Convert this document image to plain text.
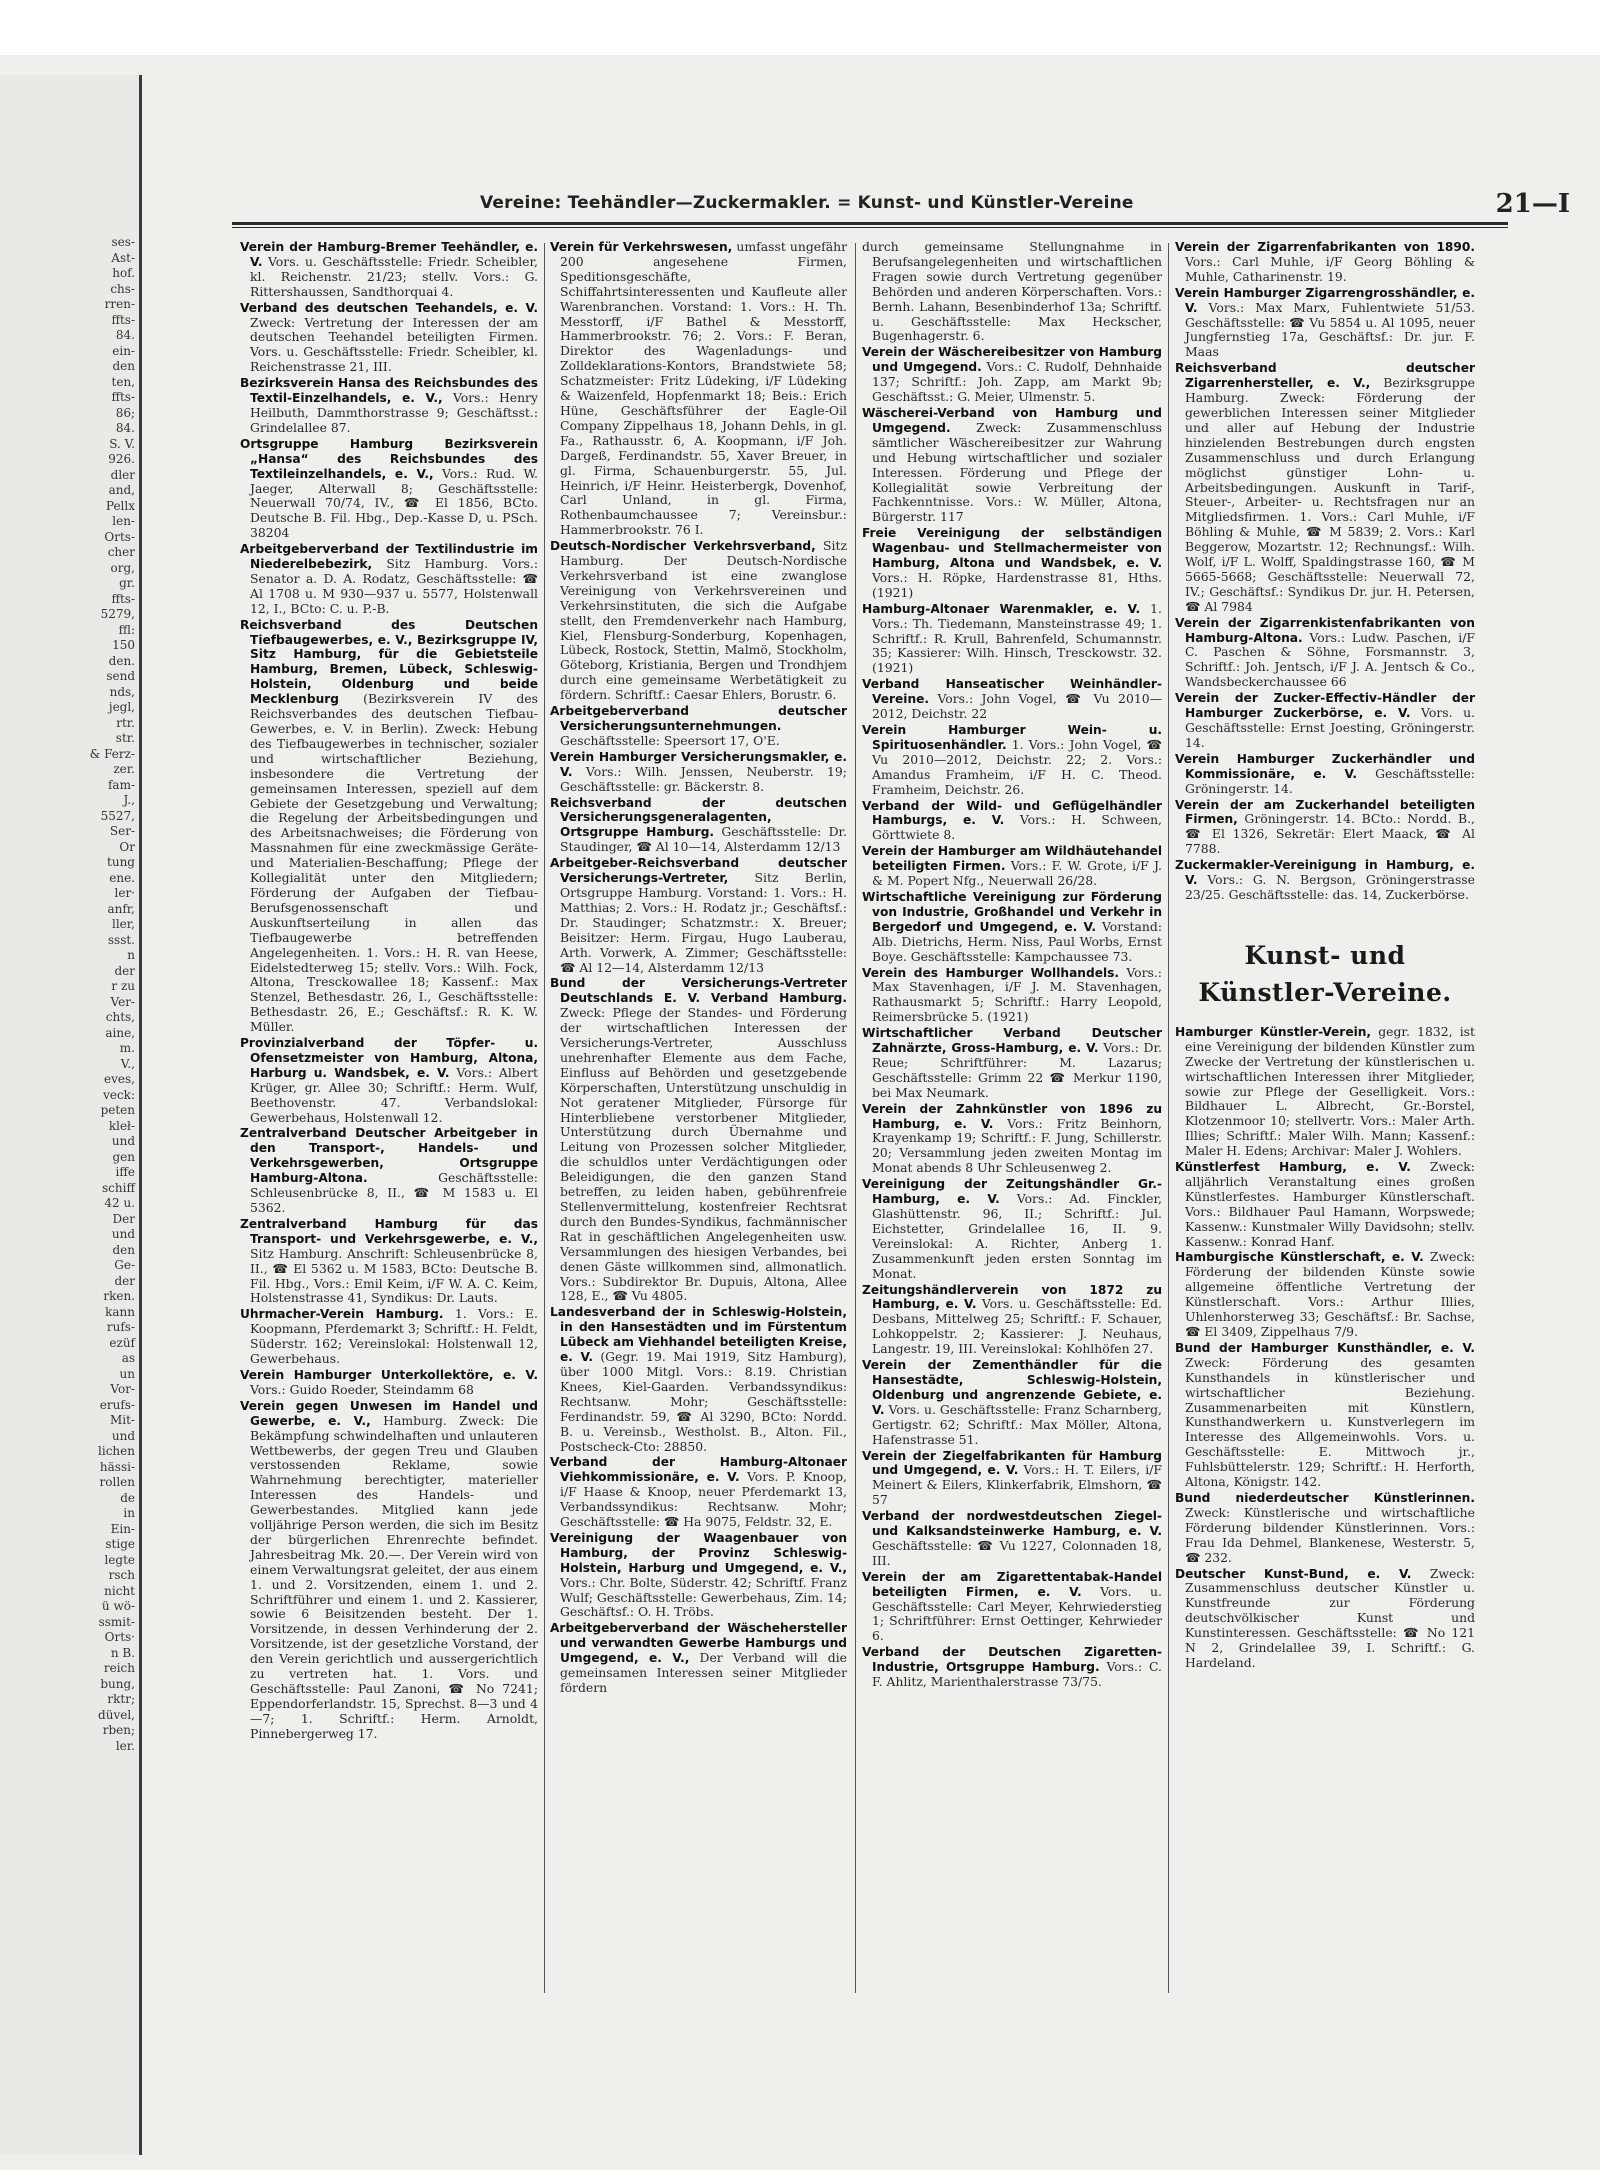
ses-

Ast-

hof.

chs-

rren-

ffts-

84.

ein-

den

ten,

ffts-

86;

84.

S. V.

926.

dler

and,

Pellx

len-

Orts-

cher

org,

gr.

ffts-

5279,

ffl:

150

den.

send

nds,

jegl,

rtr.

str.

& Ferz-

zer.

fam-

J.,

5527,

Ser-

Or

tung

ene.

ler·

anfr,

ller,

ssst.

n

der

r zu

Ver-

chts,

aine,

m.

V.,

eves,

veck:

peten

kleł-

und

gen

iffe

schiff

42 u.

Der

und

den

Ge-

der

rken.

kann

rufs-

ezüf

as

un

Vor-

erufs-

Mit-

und

lichen

hässi-

rollen

de

in

Ein-

stige

legte

rsch

nicht

ü wö-

ssmit-

Orts·

n B.

reich

bung,

rktr;

düvel,

rben;

ler.

Vereine: Teehändler—Zuckermakler. = Kunst- und Künstler-Vereine	21—I

Verein der Hamburg-Bremer Teehändler, e. V. Vors. u. Geschäftsstelle: Friedr. Scheibler, kl. Reichenstr. 21/23; stellv. Vors.: G. Rittershaussen, Sandthorquai 4.

Verband des deutschen Teehandels, e. V. Zweck: Vertretung der Interessen der am deutschen Teehandel beteiligten Firmen. Vors. u. Geschäftsstelle: Friedr. Scheibler, kl. Reichenstrasse 21, III.

Bezirksverein Hansa des Reichsbundes des Textil-Einzelhandels, e. V., Vors.: Henry Heilbuth, Dammthorstrasse 9; Geschäftsst.: Grindelallee 87.

Ortsgruppe Hamburg Bezirksverein „Hansa“ des Reichsbundes des Textileinzelhandels, e. V., Vors.: Rud. W. Jaeger, Alterwall 8; Geschäftsstelle: Neuerwall 70/74, IV., ☎ El 1856, BCto. Deutsche B. Fil. Hbg., Dep.-Kasse D, u. PSch. 38204

Arbeitgeberverband der Textilindustrie im Niederelbebezirk, Sitz Hamburg. Vors.: Senator a. D. A. Rodatz, Geschäftsstelle: ☎ Al 1708 u. M 930—937 u. 5577, Holstenwall 12, I., BCto: C. u. P.-B.

Reichsverband des Deutschen Tiefbaugewerbes, e. V., Bezirksgruppe IV, Sitz Hamburg, für die Gebietsteile Hamburg, Bremen, Lübeck, Schleswig-Holstein, Oldenburg und beide Mecklenburg (Bezirksverein IV des Reichsverbandes des deutschen Tiefbau-Gewerbes, e. V. in Berlin). Zweck: Hebung des Tiefbaugewerbes in technischer, sozialer und wirtschaftlicher Beziehung, insbesondere die Vertretung der gemeinsamen Interessen, speziell auf dem Gebiete der Gesetzgebung und Verwaltung; die Regelung der Arbeitsbedingungen und des Arbeitsnachweises; die Förderung von Massnahmen für eine zweckmässige Geräte- und Materialien-Beschaffung; Pflege der Kollegialität unter den Mitgliedern; Förderung der Aufgaben der Tiefbau-Berufsgenossenschaft und Auskunftserteilung in allen das Tiefbaugewerbe betreffenden Angelegenheiten. 1. Vors.: H. R. van Heese, Eidelstedterweg 15; stellv. Vors.: Wilh. Fock, Altona, Tresckowallee 18; Kassenf.: Max Stenzel, Bethesdastr. 26, I., Geschäftsstelle: Bethesdastr. 26, E.; Geschäftsf.: R. K. W. Müller.

Provinzialverband der Töpfer- u. Ofensetzmeister von Hamburg, Altona, Harburg u. Wandsbek, e. V. Vors.: Albert Krüger, gr. Allee 30; Schriftf.: Herm. Wulf, Beethovenstr. 47. Verbandslokal: Gewerbehaus, Holstenwall 12.

Zentralverband Deutscher Arbeitgeber in den Transport-, Handels- und Verkehrsgewerben, Ortsgruppe Hamburg-Altona.	Geschäftsstelle: Schleusenbrücke 8, II., ☎ M 1583 u. El 5362.

Zentralverband Hamburg für das Transport- und Verkehrsgewerbe, e. V., Sitz Hamburg. Anschrift: Schleusenbrücke 8, II., ☎ El 5362 u. M 1583, BCto: Deutsche B. Fil. Hbg., Vors.: Emil Keim, i/F W. A. C. Keim, Holstenstrasse 41, Syndikus: Dr. Lauts.

Uhrmacher-Verein Hamburg. 1. Vors.: E. Koopmann, Pferdemarkt 3; Schriftf.: H. Feldt, Süderstr. 162; Vereinslokal: Holstenwall 12, Gewerbehaus.

Verein Hamburger Unterkollektöre, e. V. Vors.: Guido Roeder, Steindamm 68

Verein gegen Unwesen im Handel und Gewerbe, e. V., Hamburg. Zweck: Die Bekämpfung schwindelhaften und unlauteren Wettbewerbs, der gegen Treu und Glauben verstossenden Reklame, sowie Wahrnehmung berechtigter, materieller Interessen des Handels- und Gewerbestandes. Mitglied kann jede volljährige Person werden, die sich im Besitz der bürgerlichen Ehrenrechte befindet. Jahresbeitrag Mk. 20.—. Der Verein wird von einem Verwaltungsrat geleitet, der aus einem 1. und 2. Vorsitzenden, einem 1. und 2. Schriftführer und einem 1. und 2. Kassierer, sowie 6 Beisitzenden besteht. Der 1. Vorsitzende, in dessen Verhinderung der 2. Vorsitzende, ist der gesetzliche Vorstand, der den Verein gerichtlich und aussergerichtlich zu vertreten hat. 1. Vors. und Geschäftsstelle: Paul Zanoni, ☎ No 7241; Eppendorferlandstr. 15, Sprechst. 8—3 und 4—7; 1. Schriftf.: Herm. Arnoldt, Pinnebergerweg 17.

Verein für Verkehrswesen, umfasst ungefähr 200 angesehene Firmen, Speditionsgeschäfte, Schiffahrtsinteressenten und Kaufleute aller Warenbranchen. Vorstand: 1. Vors.: H. Th. Messtorff, i/F Bathel & Messtorff, Hammerbrookstr. 76; 2. Vors.: F. Beran, Direktor des Wagenladungs- und Zolldeklarations-Kontors, Brandstwiete 58; Schatzmeister: Fritz Lüdeking, i/F Lüdeking & Waizenfeld, Hopfenmarkt 18; Beis.: Erich Hüne, Geschäftsführer der Eagle-Oil Company Zippelhaus 18, Johann Dehls, in gl. Fa., Rathausstr. 6, A. Koopmann, i/F Joh. Dargeß, Ferdinandstr. 55, Xaver Breuer, in gl. Firma, Schauenburgerstr. 55, Jul. Heinrich, i/F Heinr. Heisterbergk, Dovenhof, Carl Unland, in gl. Firma, Rothenbaumchaussee 7; Vereinsbur.: Hammerbrookstr. 76 I.

Deutsch-Nordischer Verkehrsverband, Sitz Hamburg. Der Deutsch-Nordische Verkehrsverband ist eine zwanglose Vereinigung von Verkehrsvereinen und Verkehrsinstituten, die sich die Aufgabe stellt, den Fremdenverkehr nach Hamburg, Kiel, Flensburg-Sonderburg, Kopenhagen, Lübeck, Rostock, Stettin, Malmö, Stockholm, Göteborg, Kristiania, Bergen und Trondhjem durch eine gemeinsame Werbetätigkeit zu fördern. Schriftf.: Caesar Ehlers, Borustr. 6.

Arbeitgeberverband deutscher Versicherungsunternehmungen. Geschäftsstelle: Speersort 17, O'E.

Verein Hamburger Versicherungsmakler, e. V. Vors.: Wilh. Jenssen, Neuberstr. 19; Geschäftsstelle: gr. Bäckerstr. 8.

Reichsverband der deutschen Versicherungsgeneralagenten, Ortsgruppe Hamburg. Geschäftsstelle: Dr. Staudinger, ☎ Al 10—14, Alsterdamm 12/13

Arbeitgeber-Reichsverband deutscher Versicherungs-Vertreter, Sitz Berlin, Ortsgruppe Hamburg. Vorstand: 1. Vors.: H. Matthias; 2. Vors.: H. Rodatz jr.; Geschäftsf.: Dr. Staudinger; Schatzmstr.: X. Breuer; Beisitzer: Herm. Firgau, Hugo Lauberau, Arth. Vorwerk, A. Zimmer; Geschäftsstelle: ☎ Al 12—14, Alsterdamm 12/13

Bund der Versicherungs-Vertreter Deutschlands E. V. Verband Hamburg. Zweck: Pflege der Standes- und Förderung der wirtschaftlichen Interessen der Versicherungs-Vertreter, Ausschluss unehrenhafter Elemente aus dem Fache, Einfluss auf Behörden und gesetzgebende Körperschaften, Unterstützung unschuldig in Not geratener Mitglieder, Fürsorge für Hinterbliebene verstorbener Mitglieder, Unterstützung durch Übernahme und Leitung von Prozessen solcher Mitglieder, die schuldlos unter Verdächtigungen oder Beleidigungen, die den ganzen Stand betreffen, zu leiden haben, gebührenfreie Stellenvermittelung, kostenfreier Rechtsrat durch den Bundes-Syndikus, fachmännischer Rat in geschäftlichen Angelegenheiten usw. Versammlungen des hiesigen Verbandes, bei denen Gäste willkommen sind, allmonatlich. Vors.: Subdirektor Br. Dupuis, Altona, Allee 128, E., ☎ Vu 4805.

Landesverband der in Schleswig-Holstein, in den Hansestädten und im Fürstentum Lübeck am Viehhandel beteiligten Kreise, e. V. (Gegr. 19. Mai 1919, Sitz Hamburg), über 1000 Mitgl. Vors.: 8.19. Christian Knees, Kiel-Gaarden. Verbandssyndikus: Rechtsanw. Mohr; Geschäftsstelle: Ferdinandstr. 59, ☎ Al 3290, BCto: Nordd. B. u. Vereinsb., Westholst. B., Alton. Fil., Postscheck-Cto: 28850.

Verband der Hamburg-Altonaer Viehkommissionäre, e. V. Vors. P. Knoop, i/F Haase & Knoop, neuer Pferdemarkt 13, Verbandssyndikus: Rechtsanw. Mohr; Geschäftsstelle: ☎ Ha 9075, Feldstr. 32, E.

Vereinigung der Waagenbauer von Hamburg, der Provinz Schleswig-Holstein, Harburg und Umgegend, e. V., Vors.: Chr. Bolte, Süderstr. 42; Schriftf. Franz Wulf; Geschäftsstelle: Gewerbehaus, Zim. 14; Geschäftsf.: O. H. Tröbs.

Arbeitgeberverband der Wäschehersteller und verwandten Gewerbe Hamburgs und Umgegend, e. V., Der Verband will die gemeinsamen Interessen seiner Mitglieder fördern

durch gemeinsame Stellungnahme in Berufsangelegenheiten und wirtschaftlichen Fragen sowie durch Vertretung gegenüber Behörden und anderen Körperschaften. Vors.: Bernh. Lahann, Besenbinderhof 13a; Schriftf. u. Geschäftsstelle: Max Heckscher, Bugenhagerstr. 6.

Verein der Wäschereibesitzer von Hamburg und Umgegend. Vors.: C. Rudolf, Dehnhaide 137; Schriftf.: Joh. Zapp, am Markt 9b; Geschäftsst.: G. Meier, Ulmenstr. 5.

Wäscherei-Verband von Hamburg und Umgegend. Zweck: Zusammenschluss sämtlicher Wäschereibesitzer zur Wahrung und Hebung wirtschaftlicher und sozialer Interessen. Förderung und Pflege der Kollegialität sowie Verbreitung der Fachkenntnisse. Vors.: W. Müller, Altona, Bürgerstr. 117

Freie Vereinigung der selbständigen Wagenbau- und Stellmachermeister von Hamburg, Altona und Wandsbek, e. V. Vors.: H. Röpke, Hardenstrasse 81, Hths. (1921)

Hamburg-Altonaer Warenmakler, e. V. 1. Vors.: Th. Tiedemann, Mansteinstrasse 49; 1. Schriftf.: R. Krull, Bahrenfeld, Schumannstr. 35; Kassierer: Wilh. Hinsch, Tresckowstr. 32. (1921)

Verband Hanseatischer Weinhändler-Vereine. Vors.: John Vogel, ☎ Vu 2010—2012, Deichstr. 22

Verein Hamburger Wein- u. Spirituosenhändler. 1. Vors.: John Vogel, ☎ Vu 2010—2012, Deichstr. 22; 2. Vors.: Amandus Framheim, i/F H. C. Theod. Framheim, Deichstr. 26.

Verband der Wild- und Geflügelhändler Hamburgs, e. V. Vors.: H. Schween, Görttwiete 8.

Verein der Hamburger am Wildhäutehandel beteiligten Firmen. Vors.: F. W. Grote, i/F J. & M. Popert Nfg., Neuerwall 26/28.

Wirtschaftliche Vereinigung zur Förderung von Industrie, Großhandel und Verkehr in Bergedorf und Umgegend, e. V. Vorstand: Alb. Dietrichs, Herm. Niss, Paul Worbs, Ernst Boye. Geschäftsstelle: Kampchaussee 73.

Verein des Hamburger Wollhandels. Vors.: Max Stavenhagen, i/F J. M. Stavenhagen, Rathausmarkt 5; Schriftf.: Harry Leopold, Reimersbrücke 5. (1921)

Wirtschaftlicher Verband Deutscher Zahnärzte, Gross-Hamburg, e. V. Vors.: Dr. Reue; Schriftführer: M. Lazarus; Geschäftsstelle: Grimm 22 ☎ Merkur 1190, bei Max Neumark.

Verein der Zahnkünstler von 1896 zu Hamburg, e. V. Vors.: Fritz Beinhorn, Krayenkamp 19; Schriftf.: F. Jung, Schillerstr. 20; Versammlung jeden zweiten Montag im Monat abends 8 Uhr Schleusenweg 2.

Vereinigung der Zeitungshändler Gr.-Hamburg, e. V. Vors.: Ad. Finckler, Glashüttenstr. 96, II.; Schriftf.: Jul. Eichstetter, Grindelallee 16, II. 9. Vereinslokal: A. Richter, Anberg 1. Zusammenkunft jeden ersten Sonntag im Monat.

Zeitungshändlerverein von 1872 zu Hamburg, e. V. Vors. u. Geschäftsstelle: Ed. Desbans, Mittelweg 25; Schriftf.: F. Schauer, Lohkoppelstr. 2; Kassierer: J. Neuhaus, Langestr. 19, III. Vereinslokal: Kohlhöfen 27.

Verein der Zementhändler für die Hansestädte, Schleswig-Holstein, Oldenburg und angrenzende Gebiete, e. V. Vors. u. Geschäftsstelle: Franz Scharnberg, Gertigstr. 62; Schriftf.: Max Möller, Altona, Hafenstrasse 51.

Verein der Ziegelfabrikanten für Hamburg und Umgegend, e. V. Vors.: H. T. Eilers, i/F Meinert & Eilers, Klinkerfabrik, Elmshorn, ☎ 57

Verband der nordwestdeutschen Ziegel- und Kalksandsteinwerke Hamburg, e. V. Geschäftsstelle: ☎ Vu 1227, Colonnaden 18, III.

Verein der am Zigarettentabak-Handel beteiligten Firmen, e. V. Vors. u. Geschäftsstelle: Carl Meyer, Kehrwiederstieg 1; Schriftführer: Ernst Oettinger, Kehrwieder 6.

Verband der Deutschen Zigaretten-Industrie, Ortsgruppe Hamburg. Vors.: C. F. Ahlitz, Marienthalerstrasse 73/75.

Verein der Zigarrenfabrikanten von 1890. Vors.: Carl Muhle, i/F Georg Böhling & Muhle, Catharinenstr. 19.

Verein Hamburger Zigarrengrosshändler, e. V. Vors.: Max Marx, Fuhlentwiete 51/53. Geschäftsstelle: ☎ Vu 5854 u. Al 1095, neuer Jungfernstieg 17a, Geschäftsf.: Dr. jur. F. Maas

Reichsverband deutscher Zigarrenhersteller, e. V., Bezirksgruppe Hamburg. Zweck: Förderung der gewerblichen Interessen seiner Mitglieder und aller auf Hebung der Industrie hinzielenden Bestrebungen durch engsten Zusammenschluss und durch Erlangung möglichst günstiger Lohn- u. Arbeitsbedingungen. Auskunft in Tarif-, Steuer-, Arbeiter- u. Rechtsfragen nur an Mitgliedsfirmen. 1. Vors.: Carl Muhle, i/F Böhling & Muhle, ☎ M 5839; 2. Vors.: Karl Beggerow, Mozartstr. 12; Rechnungsf.: Wilh. Wolf, i/F L. Wolff, Spaldingstrasse 160, ☎ M 5665-5668; Geschäftsstelle: Neuerwall 72, IV.; Geschäftsf.: Syndikus Dr. jur. H. Petersen, ☎ Al 7984

Verein der Zigarrenkistenfabrikanten von Hamburg-Altona. Vors.: Ludw. Paschen, i/F C. Paschen & Söhne, Forsmannstr. 3, Schriftf.: Joh. Jentsch, i/F J. A. Jentsch & Co., Wandsbeckerchaussee 66

Verein der Zucker-Effectiv-Händler der Hamburger Zuckerbörse, e. V. Vors. u. Geschäftsstelle: Ernst Joesting, Gröningerstr. 14.

Verein Hamburger Zuckerhändler und Kommissionäre, e. V. Geschäftsstelle: Gröningerstr. 14.

Verein der am Zuckerhandel beteiligten Firmen, Gröningerstr. 14. BCto.: Nordd. B., ☎ El 1326, Sekretär: Elert Maack, ☎ Al 7788.

Zuckermakler-Vereinigung in Hamburg, e. V. Vors.: G. N. Bergson, Gröningerstrasse 23/25. Geschäftsstelle: das. 14, Zuckerbörse.

Kunst- und Künstler-Vereine.

Hamburger Künstler-Verein, gegr. 1832, ist eine Vereinigung der bildenden Künstler zum Zwecke der Vertretung der künstlerischen u. wirtschaftlichen Interessen ihrer Mitglieder, sowie zur Pflege der Geselligkeit. Vors.: Bildhauer L. Albrecht, Gr.-Borstel, Klotzenmoor 10; stellvertr. Vors.: Maler Arth. Illies; Schriftf.: Maler Wilh. Mann; Kassenf.: Maler H. Edens; Archivar: Maler J. Wohlers.

Künstlerfest Hamburg, e. V. Zweck: alljährlich Veranstaltung eines großen Künstlerfestes. Hamburger Künstlerschaft. Vors.: Bildhauer Paul Hamann, Worpswede; Kassenw.: Kunstmaler Willy Davidsohn; stellv. Kassenw.: Konrad Hanf.

Hamburgische Künstlerschaft, e. V. Zweck: Förderung der bildenden Künste sowie allgemeine öffentliche Vertretung der Künstlerschaft. Vors.: Arthur Illies, Uhlenhorsterweg 33; Geschäftsf.: Br. Sachse, ☎ El 3409, Zippelhaus 7/9.

Bund der Hamburger Kunsthändler, e. V. Zweck: Förderung des gesamten Kunsthandels in künstlerischer und wirtschaftlicher Beziehung. Zusammenarbeiten mit Künstlern, Kunsthandwerkern u. Kunstverlegern im Interesse des Allgemeinwohls. Vors. u. Geschäftsstelle: E. Mittwoch jr., Fuhlsbüttelerstr. 129; Schriftf.: H. Herforth, Altona, Königstr. 142.

Bund niederdeutscher Künstlerinnen. Zweck: Künstlerische und wirtschaftliche Förderung bildender Künstlerinnen. Vors.: Frau Ida Dehmel, Blankenese, Westerstr. 5, ☎ 232.

Deutscher Kunst-Bund, e. V. Zweck: Zusammenschluss deutscher Künstler u. Kunstfreunde zur Förderung deutschvölkischer Kunst und Kunstinteressen. Geschäftsstelle: ☎ No 121 N 2, Grindelallee 39, I. Schriftf.: G. Hardeland.
